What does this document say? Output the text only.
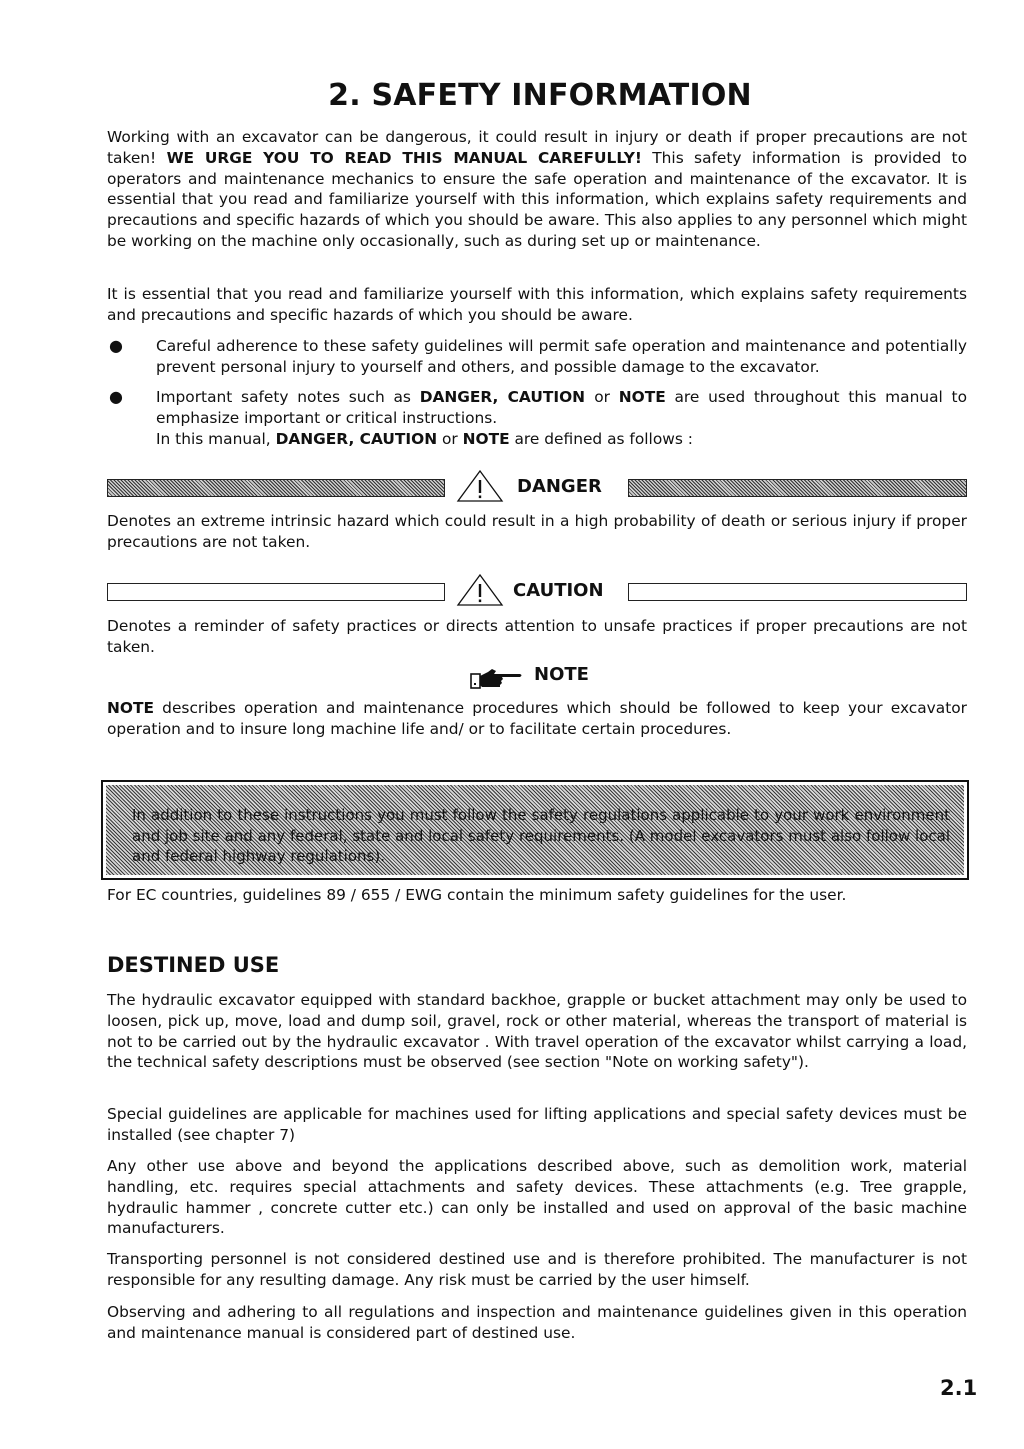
2. SAFETY INFORMATION

Working with an excavator can be dangerous, it could result in injury or death if proper precautions are not taken! WE URGE YOU TO READ THIS MANUAL CAREFULLY! This safety information is provided to operators and maintenance mechanics to ensure the safe operation and maintenance of the excavator. It is essential that you read and familiarize yourself with this information, which explains safety requirements and precautions and specific hazards of which you should be aware. This also applies to any personnel which might be working on the machine only occasionally, such as during set up or maintenance.

It is essential that you read and familiarize yourself with this information, which explains safety requirements and precautions and specific hazards of which you should be aware.

● Careful adherence to these safety guidelines will permit safe operation and maintenance and potentially prevent personal injury to yourself and others, and possible damage to the excavator.
● Important safety notes such as DANGER, CAUTION or NOTE are used throughout this manual to emphasize important or critical instructions.
In this manual, DANGER, CAUTION or NOTE are defined as follows :
DANGER

Denotes an extreme intrinsic hazard which could result in a high probability of death or serious injury if proper precautions are not taken.

CAUTION

Denotes a reminder of safety practices or directs attention to unsafe practices if proper precautions are not taken.

NOTE

NOTE describes operation and maintenance procedures which should be followed to keep your excavator operation and to insure long machine life and/ or to facilitate certain procedures.

In addition to these instructions you must follow the safety regulations applicable to your work environment and job site and any federal, state and local safety requirements. (A model excavators must also follow local and federal highway regulations).

For EC countries, guidelines 89 / 655 / EWG contain the minimum safety guidelines for the user.

DESTINED USE

The hydraulic excavator equipped with standard backhoe, grapple or bucket attachment may only be used to loosen, pick up, move, load and dump soil, gravel, rock or other material, whereas the transport of material is not to be carried out by the hydraulic excavator . With travel operation of the excavator whilst carrying a load, the technical safety descriptions must be observed (see section "Note on working safety").

Special guidelines are applicable for machines used for lifting applications and special safety devices must be installed (see chapter 7)

Any other use above and beyond the applications described above, such as demolition work, material handling, etc. requires special attachments and safety devices. These attachments (e.g. Tree grapple, hydraulic hammer , concrete cutter etc.) can only be installed and used on approval of the basic machine manufacturers.

Transporting personnel is not considered destined use and is therefore prohibited. The manufacturer is not responsible for any resulting damage. Any risk must be carried by the user himself.

Observing and adhering to all regulations and inspection and maintenance guidelines given in this operation and maintenance manual is considered part of destined use.

2.1
